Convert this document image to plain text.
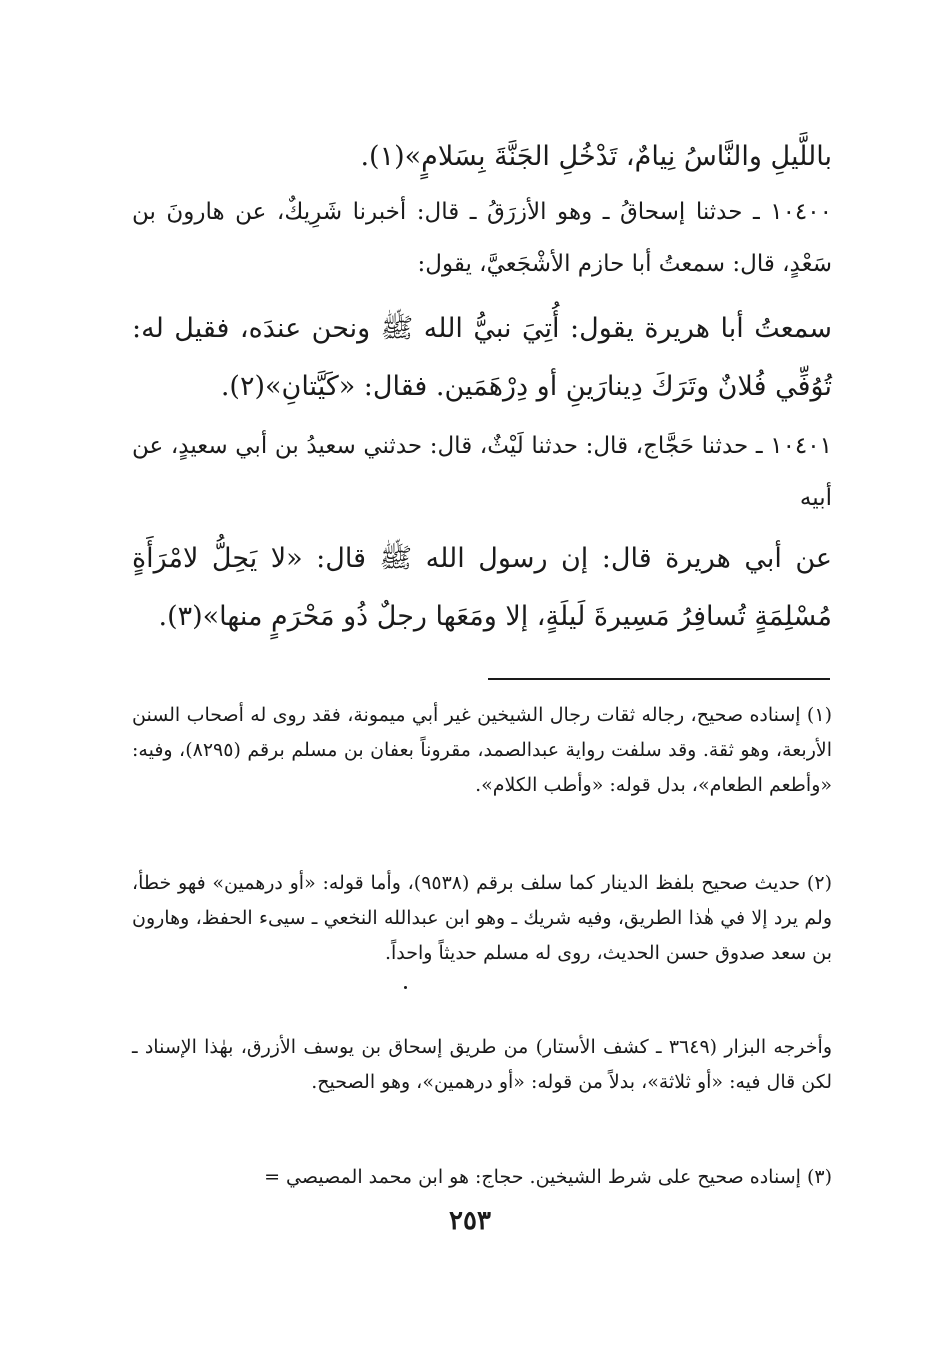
باللَّيلِ والنَّاسُ نِيامٌ، تَدْخُلِ الجَنَّةَ بِسَلامٍ»(١).

١٠٤٠٠ ـ حدثنا إسحاقُ ـ وهو الأزرَقُ ـ قال: أخبرنا شَرِيكٌ، عن هارونَ بن سَعْدٍ، قال: سمعتُ أبا حازم الأشْجَعيَّ، يقول:

سمعتُ أبا هريرة يقول: أُتِيَ نبيُّ الله ﷺ ونحن عندَه، فقيل له: تُوُفِّي فُلانٌ وتَرَكَ دِينارَينِ أو دِرْهَمَين. فقال: «كَيَّتانِ»(٢).

١٠٤٠١ ـ حدثنا حَجَّاج، قال: حدثنا لَيْثٌ، قال: حدثني سعيدُ بن أبي سعيدٍ، عن أبيه

عن أبي هريرة قال: إن رسول الله ﷺ قال: «لا يَحِلُّ لامْرَأَةٍ مُسْلِمَةٍ تُسافِرُ مَسِيرةَ لَيلَةٍ، إلا ومَعَها رجلٌ ذُو مَحْرَمٍ منها»(٣).

(١) إسناده صحيح، رجاله ثقات رجال الشيخين غير أبي ميمونة، فقد روى له أصحاب السنن الأربعة، وهو ثقة. وقد سلفت رواية عبدالصمد، مقروناً بعفان بن مسلم برقم (٨٢٩٥)، وفيه: «وأطعم الطعام»، بدل قوله: «وأطب الكلام».

(٢) حديث صحيح بلفظ الدينار كما سلف برقم (٩٥٣٨)، وأما قوله: «أو درهمين» فهو خطأ، ولم يرد إلا في هٰذا الطريق، وفيه شريك ـ وهو ابن عبدالله النخعي ـ سيىء الحفظ، وهارون بن سعد صدوق حسن الحديث، روى له مسلم حديثاً واحداً.

وأخرجه البزار (٣٦٤٩ ـ كشف الأستار) من طريق إسحاق بن يوسف الأزرق، بهٰذا الإسناد ـ لكن قال فيه: «أو ثلاثة»، بدلاً من قوله: «أو درهمين»، وهو الصحيح.

(٣) إسناده صحيح على شرط الشيخين. حجاج: هو ابن محمد المصيصي =

٢٥٣
